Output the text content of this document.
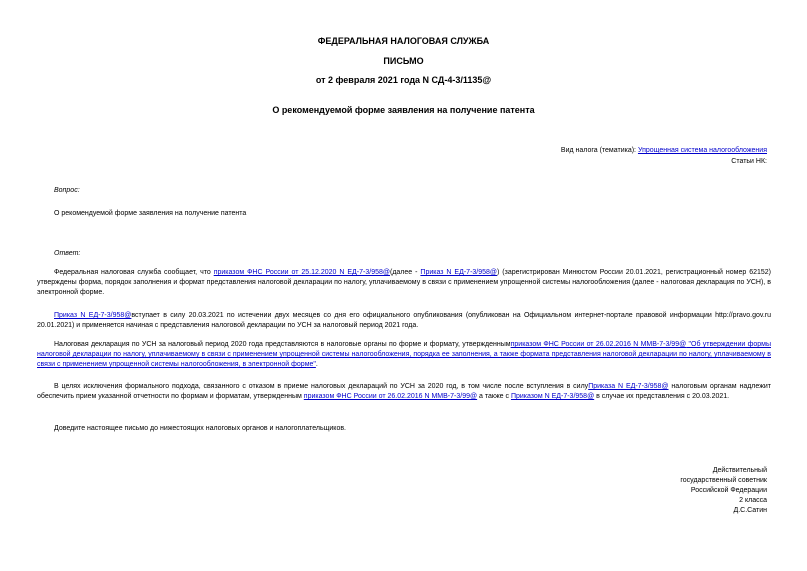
ФЕДЕРАЛЬНАЯ НАЛОГОВАЯ СЛУЖБА
ПИСЬМО
от 2 февраля 2021 года N СД-4-3/1135@
О рекомендуемой форме заявления на получение патента
Вид налога (тематика): Упрощенная система налогообложения
Статьи НК:
Вопрос:
О рекомендуемой форме заявления на получение патента
Ответ:
Федеральная налоговая служба сообщает, что приказом ФНС России от 25.12.2020 N ЕД-7-3/958@(далее - Приказ N ЕД-7-3/958@) (зарегистрирован Минюстом России 20.01.2021, регистрационный номер 62152) утверждены форма, порядок заполнения и формат представления налоговой декларации по налогу, уплачиваемому в связи с применением упрощенной системы налогообложения (далее - налоговая декларация по УСН), в электронной форме.
Приказ N ЕД-7-3/958@вступает в силу 20.03.2021 по истечении двух месяцев со дня его официального опубликования (опубликован на Официальном интернет-портале правовой информации http://pravo.gov.ru 20.01.2021) и применяется начиная с представления налоговой декларации по УСН за налоговый период 2021 года.
Налоговая декларация по УСН за налоговый период 2020 года представляются в налоговые органы по форме и формату, утвержденнымприказом ФНС России от 26.02.2016 N ММВ-7-3/99@ "Об утверждении формы налоговой декларации по налогу, уплачиваемому в связи с применением упрощенной системы налогообложения, порядка ее заполнения, а также формата представления налоговой декларации по налогу, уплачиваемому в связи с применением упрощенной системы налогообложения, в электронной форме".
В целях исключения формального подхода, связанного с отказом в приеме налоговых деклараций по УСН за 2020 год, в том числе после вступления в силуПриказа N ЕД-7-3/958@ налоговым органам надлежит обеспечить прием указанной отчетности по формам и форматам, утвержденным приказом ФНС России от 26.02.2016 N ММВ-7-3/99@ а также с Приказом N ЕД-7-3/958@ в случае их представления с 20.03.2021.
Доведите настоящее письмо до нижестоящих налоговых органов и налогоплательщиков.
Действительный
государственный советник
Российской Федерации
2 класса
Д.С.Сатин
